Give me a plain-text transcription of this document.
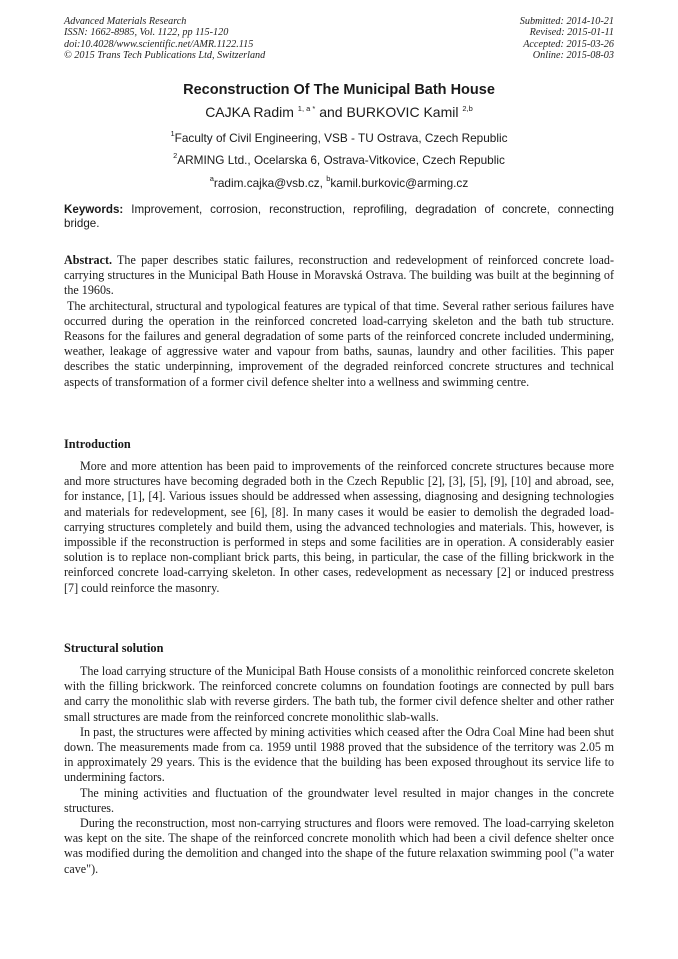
Advanced Materials Research
ISSN: 1662-8985, Vol. 1122, pp 115-120
doi:10.4028/www.scientific.net/AMR.1122.115
© 2015 Trans Tech Publications Ltd, Switzerland
Submitted: 2014-10-21
Revised: 2015-01-11
Accepted: 2015-03-26
Online: 2015-08-03
Reconstruction Of The Municipal Bath House
CAJKA Radim $^{1, a *}$ and BURKOVIC Kamil $^{2,b}$
$^1$Faculty of Civil Engineering, VSB - TU Ostrava, Czech Republic
$^2$ARMING Ltd., Ocelarska 6, Ostrava-Vitkovice, Czech Republic
$^a$radim.cajka@vsb.cz, $^b$kamil.burkovic@arming.cz
Keywords: Improvement, corrosion, reconstruction, reprofiling, degradation of concrete, connecting bridge.

Abstract. The paper describes static failures, reconstruction and redevelopment of reinforced concrete load-carrying structures in the Municipal Bath House in Moravská Ostrava. The building was built at the beginning of the 1960s.

The architectural, structural and typological features are typical of that time. Several rather serious failures have occurred during the operation in the reinforced concreted load-carrying skeleton and the bath tub structure. Reasons for the failures and general degradation of some parts of the reinforced concrete included undermining, weather, leakage of aggressive water and vapour from baths, saunas, laundry and other facilities. This paper describes the static underpinning, improvement of the degraded reinforced concrete structures and technical aspects of transformation of a former civil defence shelter into a wellness and swimming centre.

Introduction

More and more attention has been paid to improvements of the reinforced concrete structures because more and more structures have becoming degraded both in the Czech Republic [2], [3], [5], [9], [10] and abroad, see, for instance, [1], [4]. Various issues should be addressed when assessing, diagnosing and designing technologies and materials for redevelopment, see [6], [8]. In many cases it would be easier to demolish the degraded load-carrying structures completely and build them, using the advanced technologies and materials. This, however, is impossible if the reconstruction is performed in steps and some facilities are in operation. A considerably easier solution is to replace non-compliant brick parts, this being, in particular, the case of the filling brickwork in the reinforced concrete load-carrying skeleton. In other cases, redevelopment as necessary [2] or induced prestress [7] could reinforce the masonry.

Structural solution

The load carrying structure of the Municipal Bath House consists of a monolithic reinforced concrete skeleton with the filling brickwork. The reinforced concrete columns on foundation footings are connected by pull bars and carry the monolithic slab with reverse girders. The bath tub, the former civil defence shelter and other rather small structures are made from the reinforced concrete monolithic slab-walls.

In past, the structures were affected by mining activities which ceased after the Odra Coal Mine had been shut down. The measurements made from ca. 1959 until 1988 proved that the subsidence of the territory was 2.05 m in approximately 29 years. This is the evidence that the building has been exposed throughout its service life to undermining factors.

The mining activities and fluctuation of the groundwater level resulted in major changes in the concrete structures.

During the reconstruction, most non-carrying structures and floors were removed. The load-carrying skeleton was kept on the site. The shape of the reinforced concrete monolith which had been a civil defence shelter once was modified during the demolition and changed into the shape of the future relaxation swimming pool ("a water cave").
